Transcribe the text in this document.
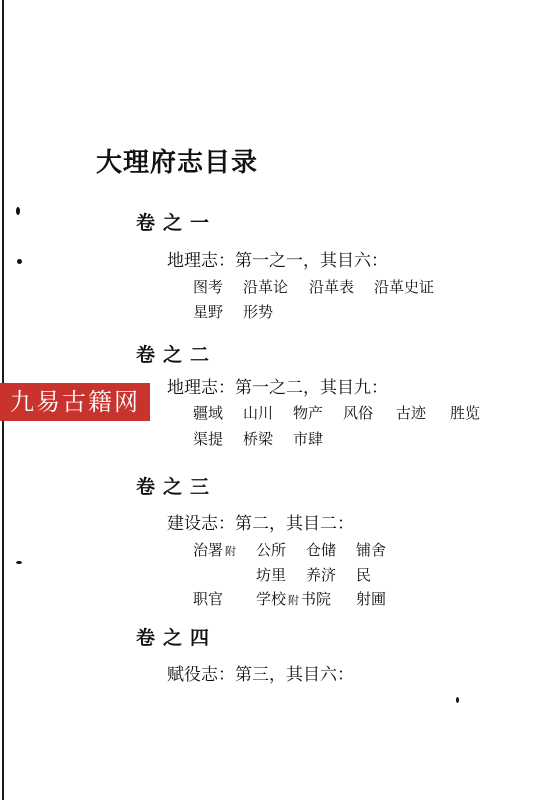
大理府志目录
卷之一
地理志：第一之一，其目六：
图考 沿革论 沿革表 沿革史证
星野 形势
卷之二
地理志：第一之二，其目九：
疆域 山川 物产 风俗 古迹 胜览
渠提 桥梁 市肆
卷之三
建设志：第二，其目二：
治署 附 公所 仓储 铺舍
坊里 养济 民
职官 学校 附 书院 射圃
卷之四
赋役志：第三，其目六：
九易古籍网
